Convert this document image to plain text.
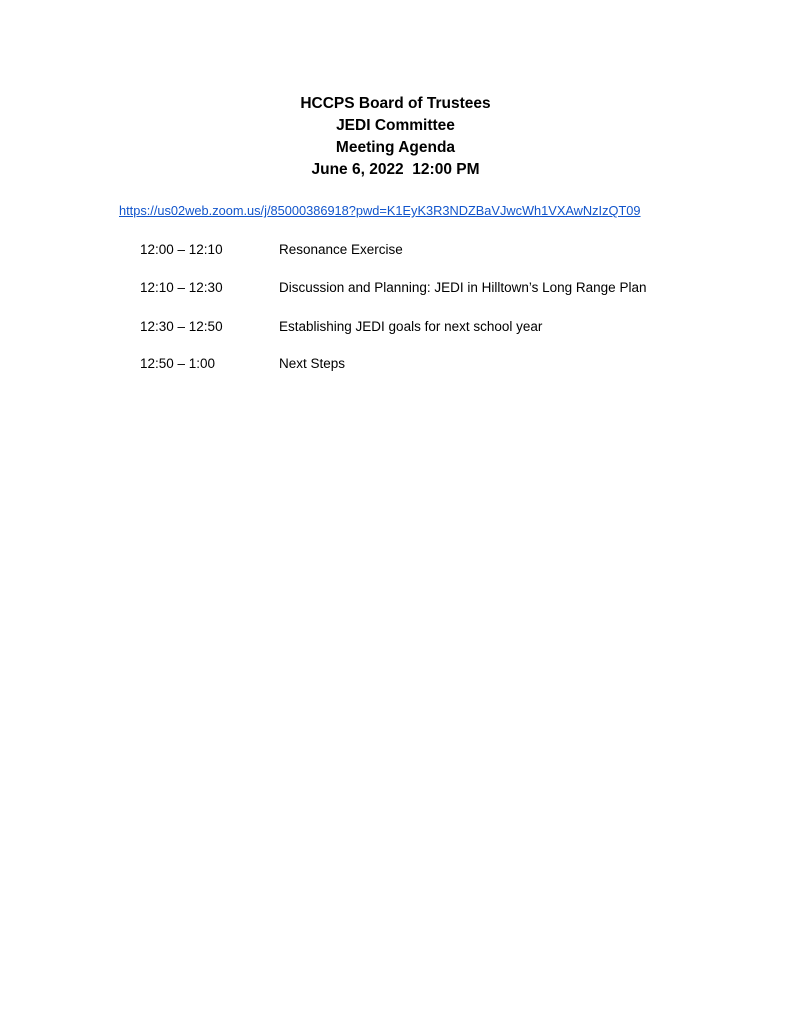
HCCPS Board of Trustees

JEDI Committee

Meeting Agenda

June 6, 2022  12:00 PM

https://us02web.zoom.us/j/85000386918?pwd=K1EyK3R3NDZBaVJwcWh1VXAwNzIzQT09
12:00 – 12:10	Resonance Exercise
12:10 – 12:30	Discussion and Planning: JEDI in Hilltown’s Long Range Plan
12:30 – 12:50	Establishing JEDI goals for next school year
12:50 – 1:00	Next Steps
